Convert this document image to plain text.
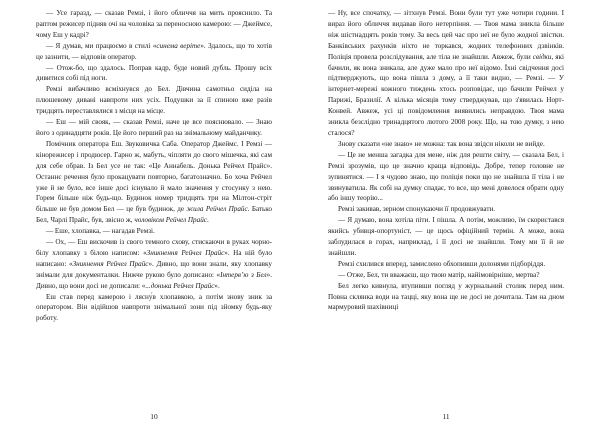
— Усе гаразд, — сказав Ремзі, і його обличчя на мить прояснило. Та раптом режисер підняв очі на чоловіка за переносною камерою: — Джеймсе, чому Еш у кадрі?

— Я думав, ми працюємо в стилі «синема веріте». Здалось, що то хотів це зазнити, — відповів оператор.

— Отож-бо, що здалось. Поправ кадр, буде новий дубль. Прошу всіх дивитися собі під ноги.

Ремзі вибачливо всміхнувся до Бел. Дівчина самотньо сиділа на плюшевому дивані навпроти них усіх. Подушки за її спиною вже разів тридцять перестaвлялися з місця на місце.

— Еш — мій свояк, — сказав Ремзі, наче це все пояснювало. — Знаю його з одинадцяти років. Це його перший раз на знімальному майданчику.

Помічник оператора Еш. Звуковичка Саба. Оператор Джеймс. І Ремзі — кінорежисер і продюсер. Гарно ж, мабуть, чіпляти до свого мішечка, які сам для себе обрав. Із Бел усе не так: «Це Аннабель. Донька Рейчел Прайс». Останнє речення було прокацувати повторно, багатозначно. Бо хоча Рейчел уже й не було, все інше досі існувало й мало значення у стосунку з нею. Горем більше ніж будь-що. Будинок номер тридцять три на Мілтон-стріт більше не був домом Бел — це був будинок, де жила Рейчел Прайс. Батько Бел, Чарлі Прайс, був, звісно ж, чоловіком Рейчел Прайс.

— Еше, хлопавка, — нагадав Ремзі.

— Ох, — Еш вискочив із свого темного схову, стискаючи в руках чорно-білу хлопавку з білою написом: «Зникнення Рейчел Прайс». На ній було написано: «Зникнення Рейчел Прайс». Дивно, що вони знали, яку хлопавку знімали для документалки. Нижче рукою було дописано: «Інтерв’ю з Бел». Дивно, що вони досі не дописали: «...донька Рейчел Прайс».

Еш став перед камерою і лясну́в хлопавкою, а потім знову зник за оператором. Він відійшов навпроти знімальної зони під зйомку будь-яку роботу.

10

— Ну, все спочатку, — зітхнув Ремзі. Вони були тут уже чотири години. І вираз його обличчя видавав його нетерпіння. — Твоя мама зникла більше ніж шістнадцять років тому. За весь цей час про неї не було жодної звістки. Банківських рахунків ніхто не торкався, жодних телефонних дзвінків. Поліція провела розслідування, але тіла не знайшли. Авжеж, були свідки, які бачили, як вона зникала, але дуже мало про неї відомо. Їхні свідчення досі підтверджують, що вона пішла з дому, а її таки видно, — Ремзі. — У інтернет-мережі кожного тиждень хтось розповідає, що бачили Рейчел у Парижі, Бразилії. А кілька місяців тому стверджував, що з'явилась Норт-Конвей. Авжеж, усі ці повідомлення виявились неправдою. Твоя мама зникла безслідно тринадцятого лютого 2008 року. Що, на тою думку, з нею сталося?

Знову сказати «не знаю» не можна: так вона звідси ніколи не вийде.

— Це не менша загадка для мене, ніж для решти світу, — сказала Бел, і Ремзі зрозумів, що це значно краща відповідь. Добре, тепер головне не зупинятися. — І я чудово знаю, що поліція поки що не знайшла її тіла і не звинуватила. Як собі на думку спадає, то все, що мені довелося обрати одну або іншу теорію...

Ремзі закивав, зерном спонукаючи її продовжувати.

— Я думаю, вона хотіла піти. І пішла. А потім, можливо, їм скористався якийсь убивця-опортуніст, — це щось офіційний термін. А може, вона заблудилася в горах, наприклад, і її досі не знайшли. Тому ми її й не знайшли.

Ремзі схилився вперед, замислено обхопивши долонями підборіддя.

— Отже, Бел, ти вважаєш, що твою матір, найімовірніше, мертва?

Бел легко кивнула, втупивши погляд у журнальний столик перед ним. Повна склянка води на тацці, яку вона ще не досі не дочитала. Там на дном мармуровий шахівниці

11
